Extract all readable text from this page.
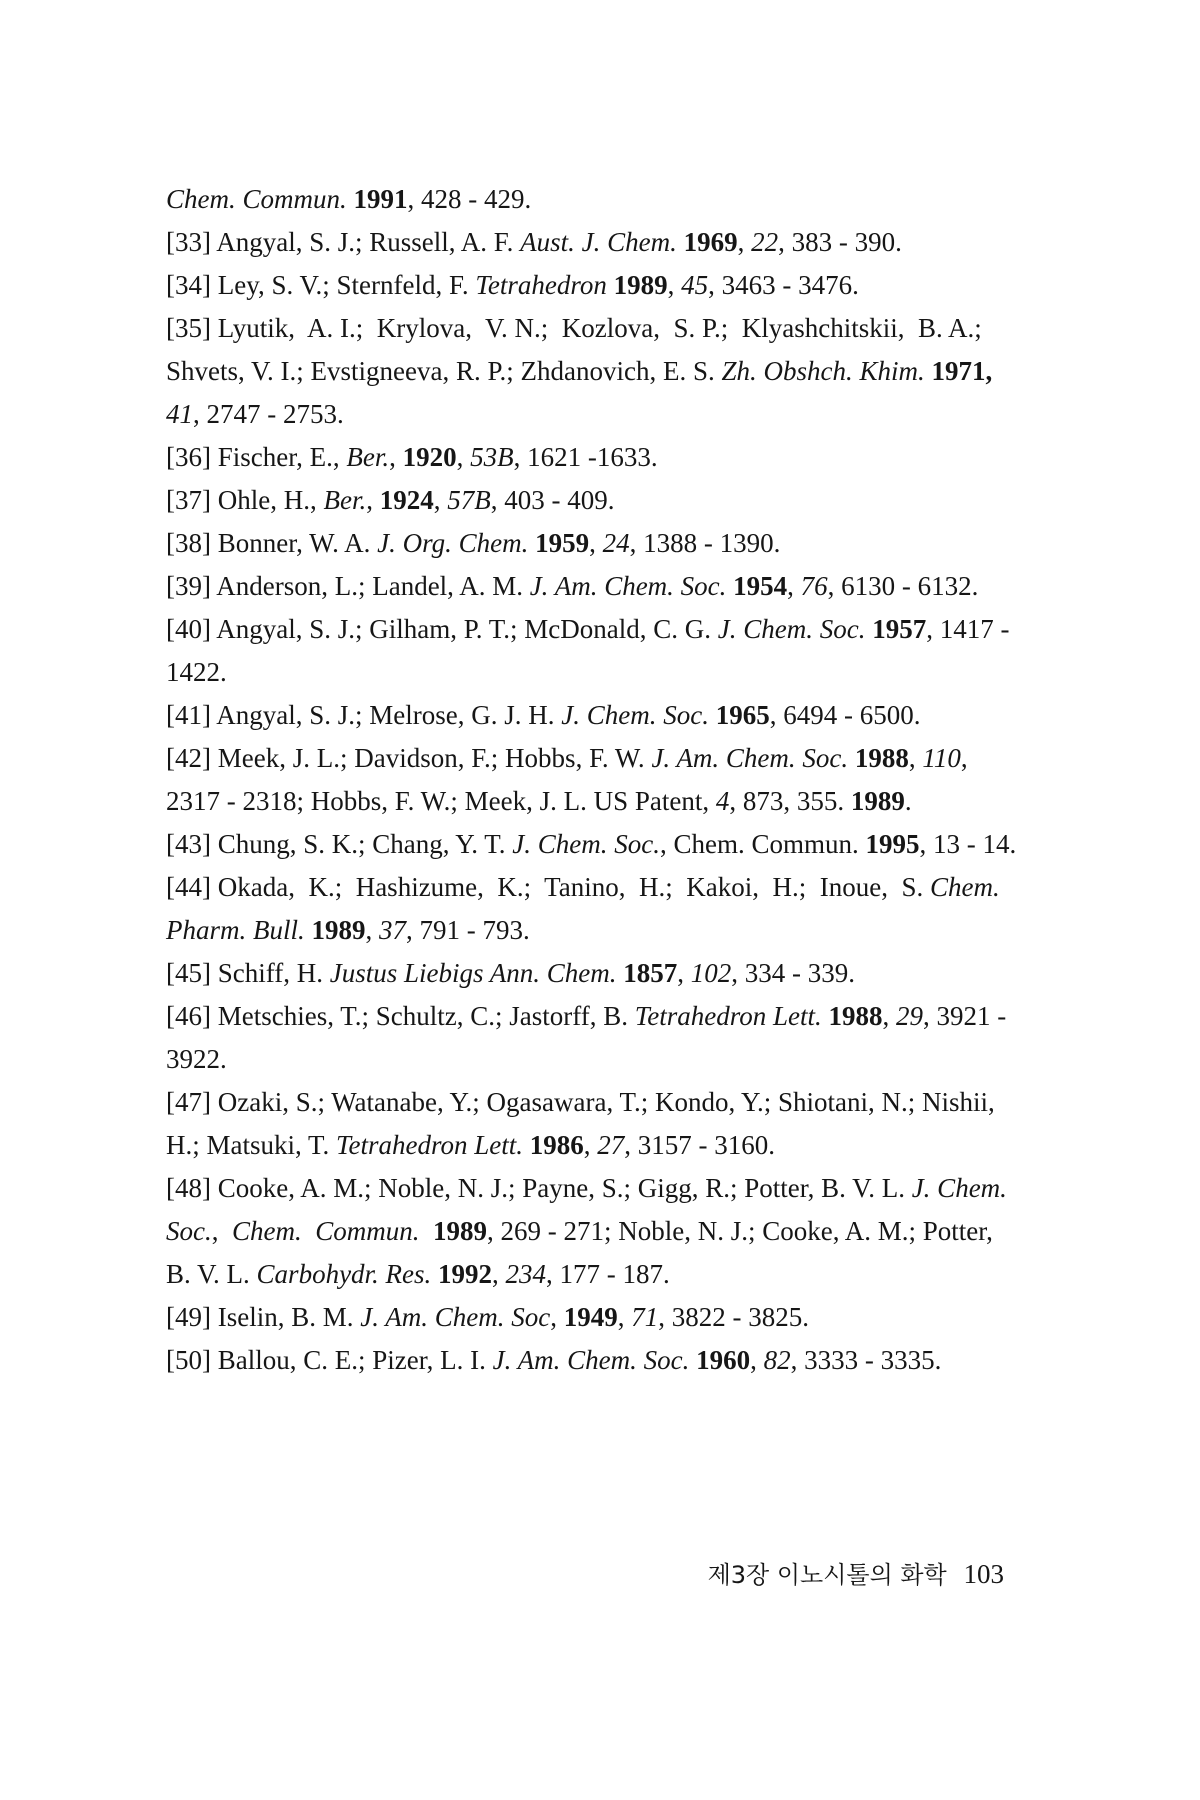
Chem. Commun. 1991, 428 - 429.
[33] Angyal, S. J.; Russell, A. F. Aust. J. Chem. 1969, 22, 383 - 390.
[34] Ley, S. V.; Sternfeld, F. Tetrahedron 1989, 45, 3463 - 3476.
[35] Lyutik,  A. I.;  Krylova,  V. N.;  Kozlova,  S. P.;  Klyashchitskii,  B. A.;
Shvets, V. I.; Evstigneeva, R. P.; Zhdanovich, E. S. Zh. Obshch. Khim. 1971,
41, 2747 - 2753.
[36] Fischer, E., Ber., 1920, 53B, 1621 -1633.
[37] Ohle, H., Ber., 1924, 57B, 403 - 409.
[38] Bonner, W. A. J. Org. Chem. 1959, 24, 1388 - 1390.
[39] Anderson, L.; Landel, A. M. J. Am. Chem. Soc. 1954, 76, 6130 - 6132.
[40] Angyal, S. J.; Gilham, P. T.; McDonald, C. G. J. Chem. Soc. 1957, 1417 -
1422.
[41] Angyal, S. J.; Melrose, G. J. H. J. Chem. Soc. 1965, 6494 - 6500.
[42] Meek, J. L.; Davidson, F.; Hobbs, F. W. J. Am. Chem. Soc. 1988, 110,
2317 - 2318; Hobbs, F. W.; Meek, J. L. US Patent, 4, 873, 355. 1989.
[43] Chung, S. K.; Chang, Y. T. J. Chem. Soc., Chem. Commun. 1995, 13 - 14.
[44] Okada,  K.;  Hashizume,  K.;  Tanino,  H.;  Kakoi,  H.;  Inoue,  S. Chem.
Pharm. Bull. 1989, 37, 791 - 793.
[45] Schiff, H. Justus Liebigs Ann. Chem. 1857, 102, 334 - 339.
[46] Metschies, T.; Schultz, C.; Jastorff, B. Tetrahedron Lett. 1988, 29, 3921 -
3922.
[47] Ozaki, S.; Watanabe, Y.; Ogasawara, T.; Kondo, Y.; Shiotani, N.; Nishii,
H.; Matsuki, T. Tetrahedron Lett. 1986, 27, 3157 - 3160.
[48] Cooke, A. M.; Noble, N. J.; Payne, S.; Gigg, R.; Potter, B. V. L. J. Chem.
Soc.,  Chem. Commun. 1989, 269 - 271; Noble, N. J.; Cooke, A. M.; Potter,
B. V. L. Carbohydr. Res. 1992, 234, 177 - 187.
[49] Iselin, B. M. J. Am. Chem. Soc, 1949, 71, 3822 - 3825.
[50] Ballou, C. E.; Pizer, L. I. J. Am. Chem. Soc. 1960, 82, 3333 - 3335.
제3장 이노시톨의 화학 103
